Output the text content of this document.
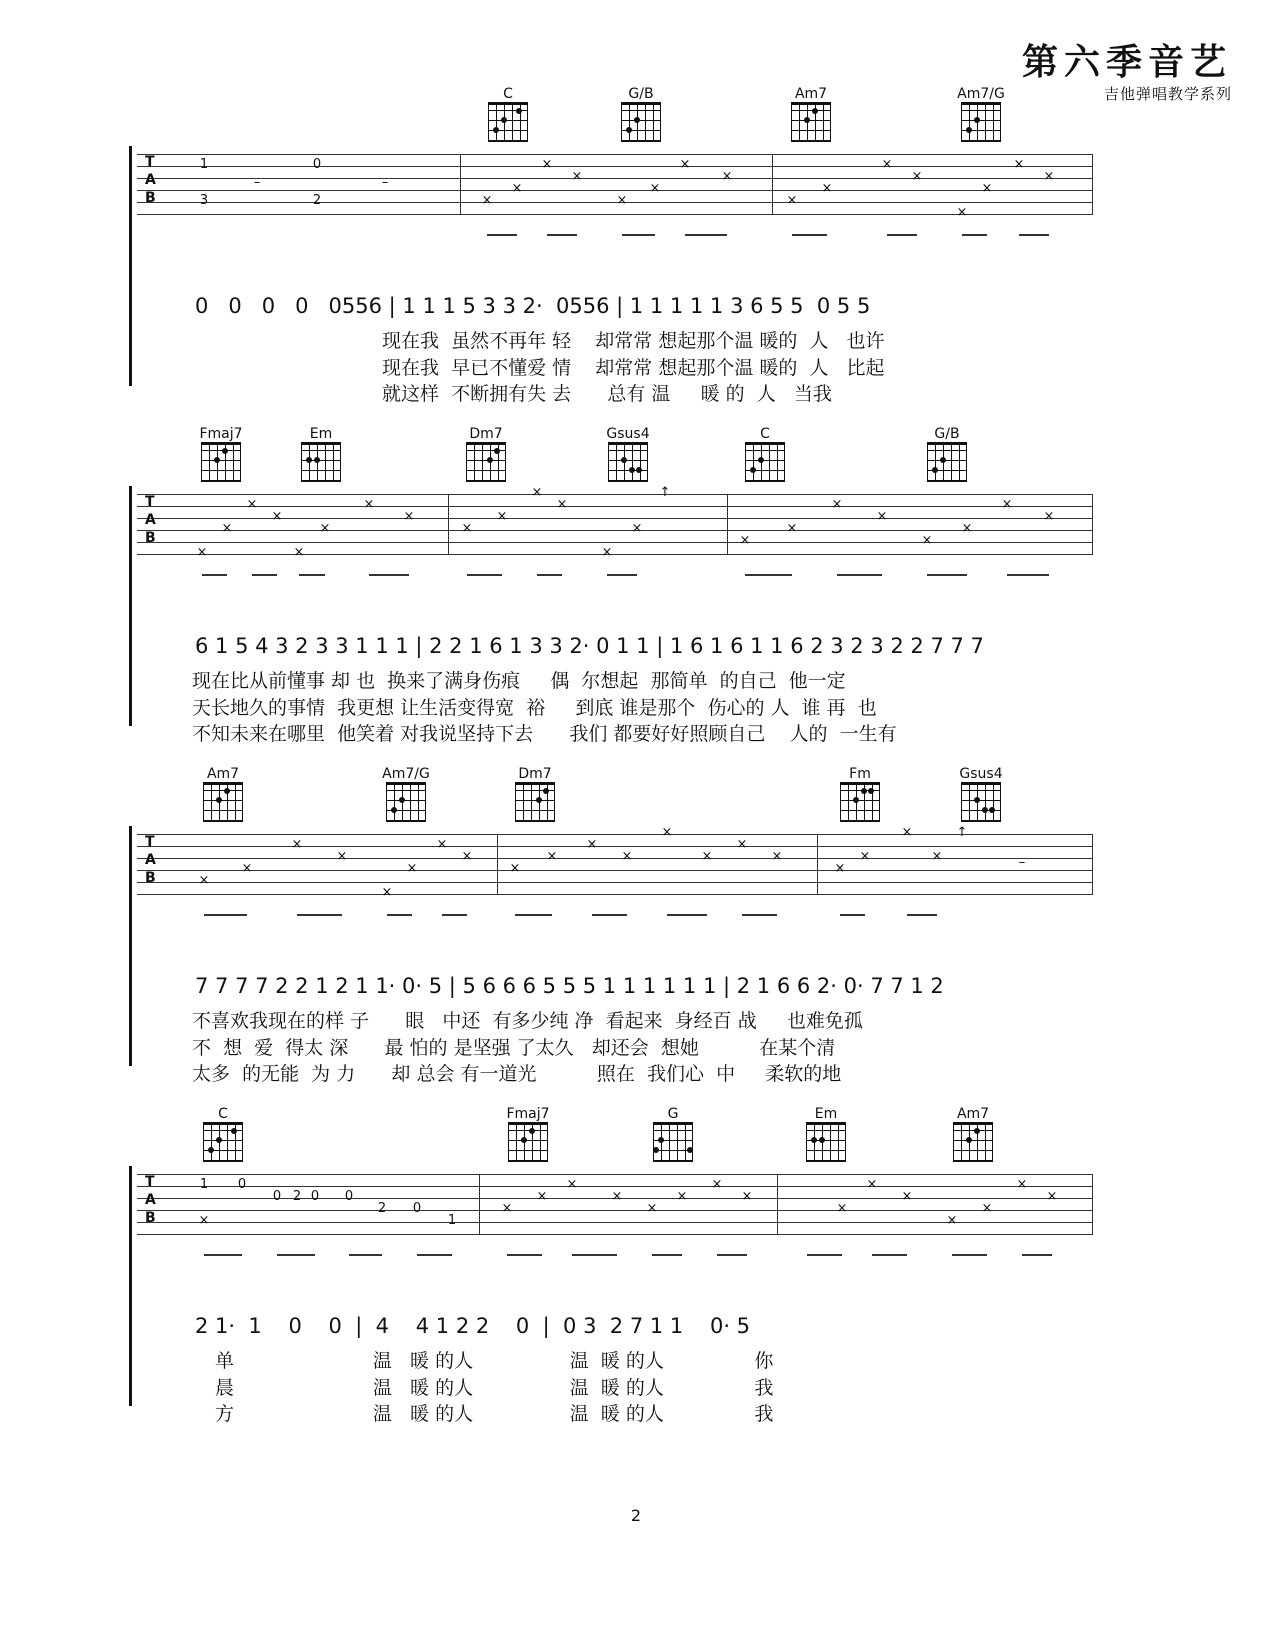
第六季音艺
吉他弹唱教学系列
C	G/B	Am7	Am7/G
T
A
B
1
3
–
0
2
–
×
×
×
×
×
×
×
×
×
×
×
×
×
×
×
×
0   0   0   0   0556 | 1 1 1 5 3 3 2·  0556 | 1 1 1 1 1 3 6 5 5  0 5 5
现在我  虽然不再年 轻    却常常 想起那个温 暖的  人   也许
现在我  早已不懂爱 情    却常常 想起那个温 暖的  人   比起
就这样  不断拥有失 去      总有 温     暖 的  人   当我
Fmaj7	Em	Dm7	Gsus4	C	G/B
T
A
B
×
×
×
×
×
×
×
×
×
×
×
×
×
×
↑
×
×
×
×
×
×
×
×
6 1 5 4 3 2 3 3 1 1 1 | 2 2 1 6 1 3 3 2· 0 1 1 | 1 6 1 6 1 1 6 2 3 2 3 2 2 7 7 7
现在比从前懂事 却 也  换来了满身伤痕     偶  尔想起  那简单  的自己  他一定
天长地久的事情  我更想 让生活变得宽  裕     到底 谁是那个  伤心的 人  谁 再  也
不知未来在哪里  他笑着 对我说坚持下去      我们 都要好好照顾自己    人的  一生有
Am7	Am7/G	Dm7	Fm	Gsus4
T
A
B	×
×
×
×
×
×
×
×
×
×
×
×
×
×
×
×
×
×
×
×
↑
–
7 7 7 7 2 2 1 2 1 1· 0· 5 | 5 6 6 6 5 5 5 1 1 1 1 1 1 | 2 1 6 6 2· 0· 7 7 1 2
不喜欢我现在的样 子      眼   中还  有多少纯 净  看起来  身经百 战     也难免孤
不  想  爱  得太 深      最 怕的 是坚强 了太久   却还会  想她          在某个清
太多  的无能  为 力      却 总会 有一道光          照在  我们心  中     柔软的地
C	Fmaj7	G	Em	Am7
T
A
B
1
×
0
0 2 0 0
2 0
1
×
×
×
×
×
×
×
×
×
×
×
×
×
×
×
2 1·  1    0    0  |  4    4 1 2 2    0  |  0 3  2 7 1 1    0· 5
单                       温   暖 的人                温  暖 的人               你
晨                       温   暖 的人                温  暖 的人               我
方                       温   暖 的人                温  暖 的人               我
2
